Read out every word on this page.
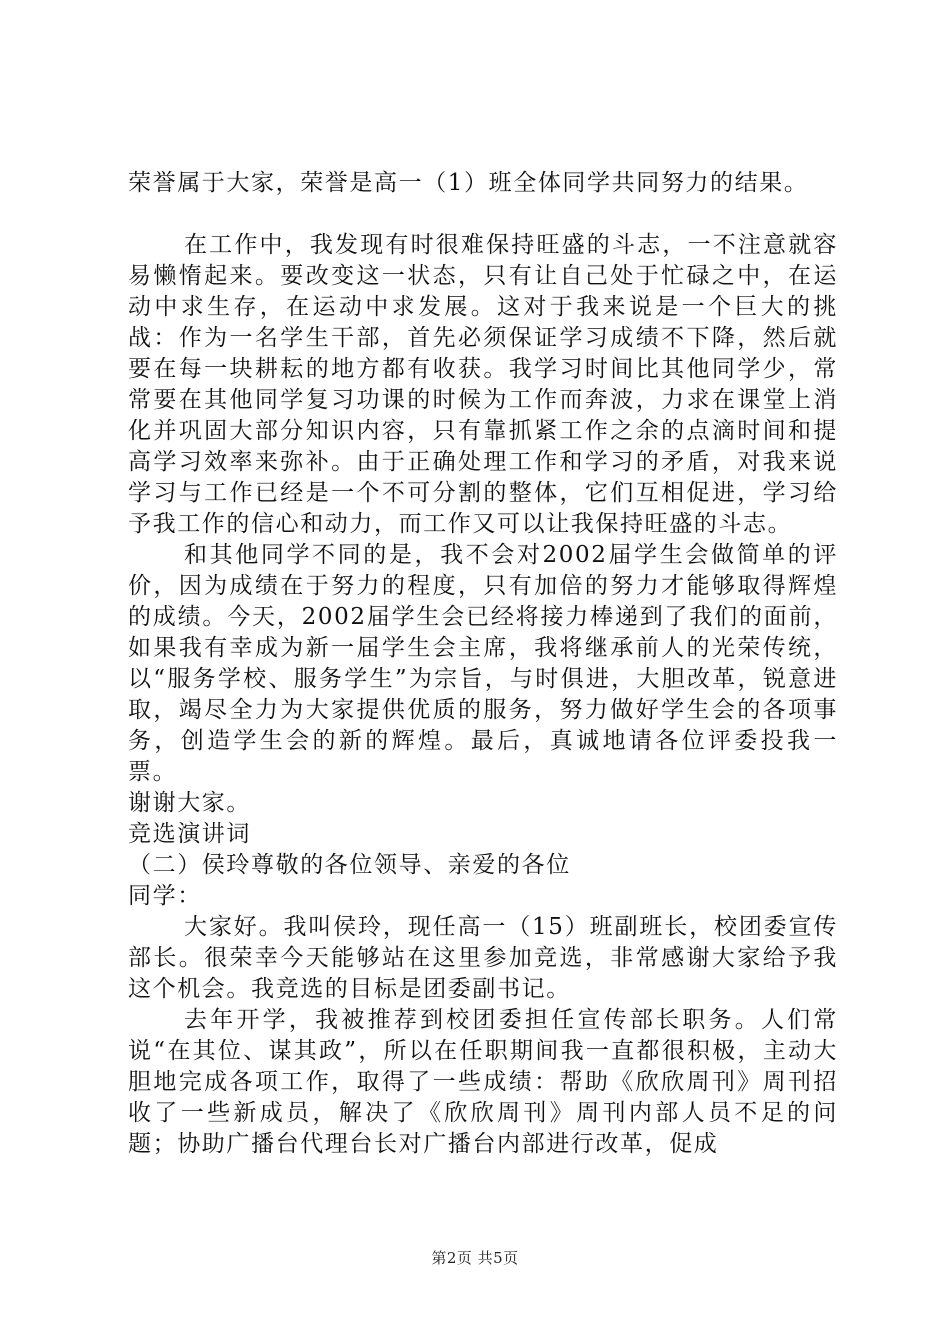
荣誉属于大家，荣誉是高一（1）班全体同学共同努力的结果。

在工作中，我发现有时很难保持旺盛的斗志，一不注意就容易懒惰起来。要改变这一状态，只有让自己处于忙碌之中，在运动中求生存，在运动中求发展。这对于我来说是一个巨大的挑战：作为一名学生干部，首先必须保证学习成绩不下降，然后就要在每一块耕耘的地方都有收获。我学习时间比其他同学少，常常要在其他同学复习功课的时候为工作而奔波，力求在课堂上消化并巩固大部分知识内容，只有靠抓紧工作之余的点滴时间和提高学习效率来弥补。由于正确处理工作和学习的矛盾，对我来说学习与工作已经是一个不可分割的整体，它们互相促进，学习给予我工作的信心和动力，而工作又可以让我保持旺盛的斗志。

和其他同学不同的是，我不会对2002届学生会做简单的评价，因为成绩在于努力的程度，只有加倍的努力才能够取得辉煌的成绩。今天，2002届学生会已经将接力棒递到了我们的面前，如果我有幸成为新一届学生会主席，我将继承前人的光荣传统，以“服务学校、服务学生”为宗旨，与时俱进，大胆改革，锐意进取，竭尽全力为大家提供优质的服务，努力做好学生会的各项事务，创造学生会的新的辉煌。最后，真诚地请各位评委投我一票。

谢谢大家。

竞选演讲词

（二）侯玲尊敬的各位领导、亲爱的各位

同学：

大家好。我叫侯玲，现任高一（15）班副班长，校团委宣传部长。很荣幸今天能够站在这里参加竞选，非常感谢大家给予我这个机会。我竞选的目标是团委副书记。

去年开学，我被推荐到校团委担任宣传部长职务。人们常说“在其位、谋其政”，所以在任职期间我一直都很积极，主动大胆地完成各项工作，取得了一些成绩：帮助《欣欣周刊》周刊招收了一些新成员，解决了《欣欣周刊》周刊内部人员不足的问题；协助广播台代理台长对广播台内部进行改革，促成

第2页 共5页
